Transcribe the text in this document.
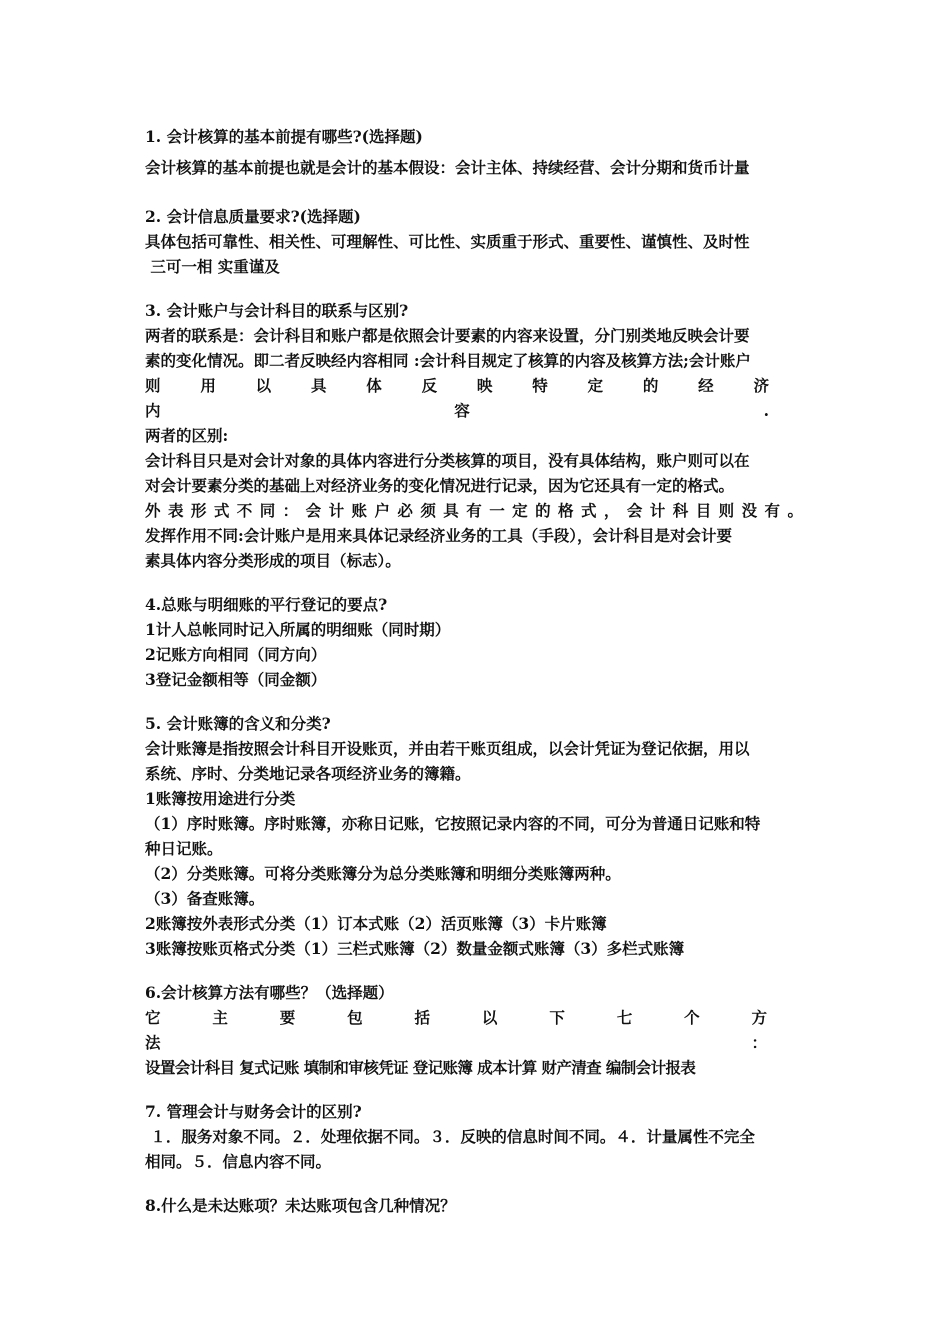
1. 会计核算的基本前提有哪些?(选择题)

会计核算的基本前提也就是会计的基本假设：会计主体、持续经营、会计分期和货币计量

2. 会计信息质量要求?(选择题)

具体包括可靠性、相关性、可理解性、可比性、实质重于形式、重要性、谨慎性、及时性

三可一相 实重谨及

3. 会计账户与会计科目的联系与区别?

两者的联系是：会计科目和账户都是依照会计要素的内容来设置，分门别类地反映会计要

素的变化情况。即二者反映经内容相同 :会计科目规定了核算的内容及核算方法;会计账户

则用以具体反映特定的经济内容.

两者的区别:

会计科目只是对会计对象的具体内容进行分类核算的项目，没有具体结构，账户则可以在

对会计要素分类的基础上对经济业务的变化情况进行记录，因为它还具有一定的格式。

外表形式不同：会计账户必须具有一定的格式，会计科目则没有。

发挥作用不同:会计账户是用来具体记录经济业务的工具（手段），会计科目是对会计要

素具体内容分类形成的项目（标志）。

4.总账与明细账的平行登记的要点?

1计人总帐同时记入所属的明细账（同时期）

2记账方向相同（同方向）

3登记金额相等（同金额）

5. 会计账簿的含义和分类?

会计账簿是指按照会计科目开设账页，并由若干账页组成，以会计凭证为登记依据，用以

系统、序时、分类地记录各项经济业务的簿籍。

1账簿按用途进行分类

（1）序时账簿。序时账簿，亦称日记账，它按照记录内容的不同，可分为普通日记账和特

种日记账。

（2）分类账簿。可将分类账簿分为总分类账簿和明细分类账簿两种。

（3）备查账簿。

2账簿按外表形式分类（1）订本式账（2）活页账簿（3）卡片账簿

3账簿按账页格式分类（1）三栏式账簿（2）数量金额式账簿（3）多栏式账簿

6.会计核算方法有哪些？（选择题）

它主要包括以下七个方法：

设置会计科目 复式记账 填制和审核凭证 登记账簿 成本计算 财产清查 编制会计报表

7. 管理会计与财务会计的区别?

１．服务对象不同。２．处理依据不同。３．反映的信息时间不同。４．计量属性不完全

相同。５．信息内容不同。

8.什么是未达账项？未达账项包含几种情况？
